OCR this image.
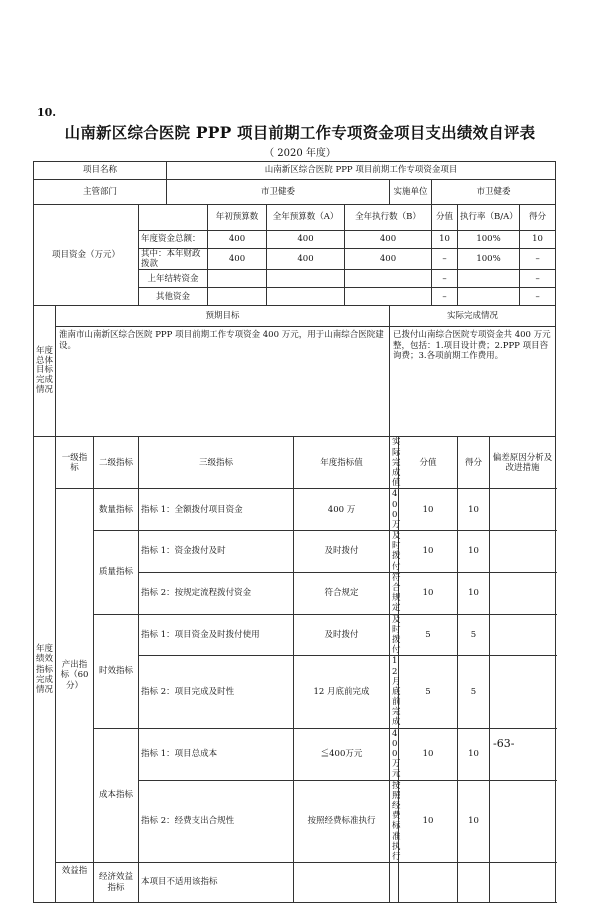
10.
山南新区综合医院 PPP 项目前期工作专项资金项目支出绩效自评表
（ 2020 年度）
项目名称				山南新区综合医院 PPP 项目前期工作专项资金项目										
主管部门				市卫健委					实施单位		市卫健委			
项目资金（万元）					年初预算数	全年预算数（A）		全年执行数（B）			分值	执行率（B/A）		得分
			年度资金总额：		400	400		400			10	100%		10
			其中：本年财政拨款		400	400		400			–	100%		–
			上年结转资金								–			–
			其他资金								–			–
年度总体目标完成情况	预期目标								实际完成情况					
	淮南市山南新区综合医院 PPP 项目前期工作专项资金 400 万元，用于山南综合医院建设。								已拨付山南综合医院专项资金共 400 万元整，包括：1.项目设计费；2.PPP 项目咨询费；3.各项前期工作费用。					
年度绩效指标完成情况	一级指标	二级指标	三级指标				年度指标值		实际完成值	分值		得分	偏差原因分析及改进措施	
	产出指标（60分）	数量指标	指标 1：全额拨付项目资金				400 万		400 万	10		10		
		质量指标	指标 1：资金拨付及时				及时拨付		及时拨付	10		10		
			指标 2：按规定流程拨付资金				符合规定		符合规定	10		10		
		时效指标	指标 1：项目资金及时拨付使用				及时拨付		及时拨付	5		5		
			指标 2：项目完成及时性				12 月底前完成		12 月底前完成	5		5		
		成本指标	指标 1：项目总成本				≦400万元		400 万元	10		10		
			指标 2：经费支出合规性				按照经费标准执行		按照经费标准执行	10		10		
	效益指	经济效益指标	本项目不适用该指标											
-63-
